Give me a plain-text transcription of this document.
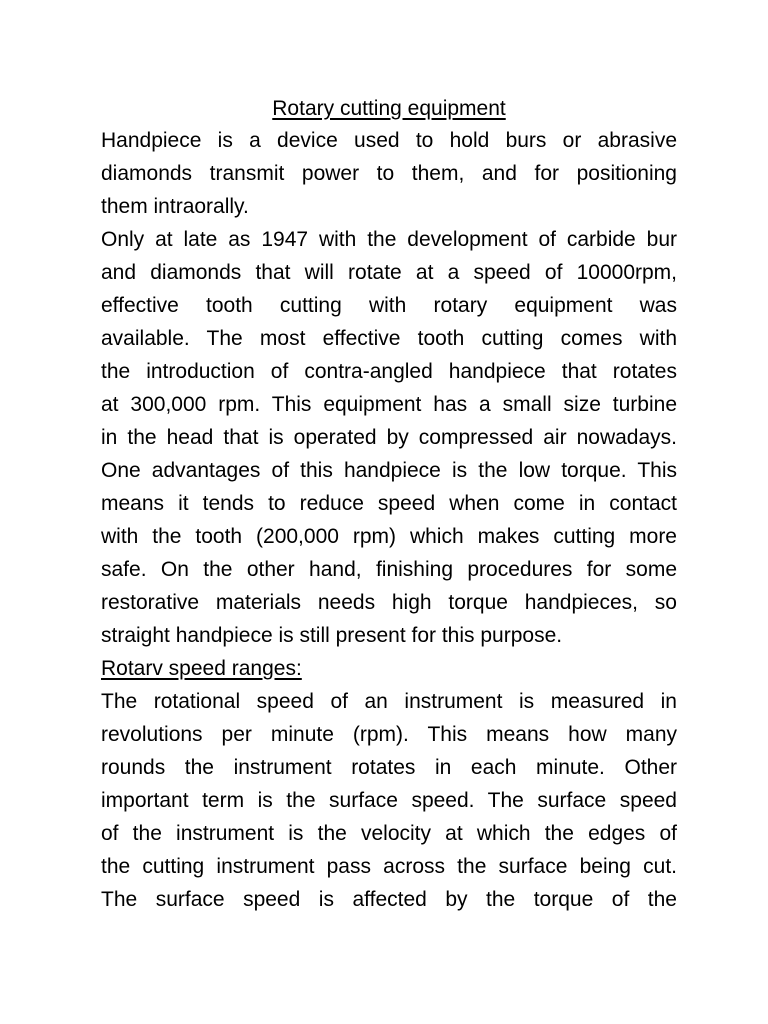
Rotary cutting equipment
Handpiece is a device used to hold burs or abrasive
diamonds transmit power to them, and for positioning
them intraorally.
Only at late as 1947 with the development of carbide bur
and diamonds that will rotate at a speed of 10000rpm,
effective tooth cutting with rotary equipment was
available. The most effective tooth cutting comes with
the introduction of contra-angled handpiece that rotates
at 300,000 rpm. This equipment has a small size turbine
in the head that is operated by compressed air nowadays.
One advantages of this handpiece is the low torque. This
means it tends to reduce speed when come in contact
with the tooth (200,000 rpm) which makes cutting more
safe. On the other hand, finishing procedures for some
restorative materials needs high torque handpieces, so
straight handpiece is still present for this purpose.
Rotarv speed ranges:
The rotational speed of an instrument is measured in
revolutions per minute (rpm). This means how many
rounds the instrument rotates in each minute. Other
important term is the surface speed. The surface speed
of the instrument is the velocity at which the edges of
the cutting instrument pass across the surface being cut.
The surface speed is affected by the torque of the
